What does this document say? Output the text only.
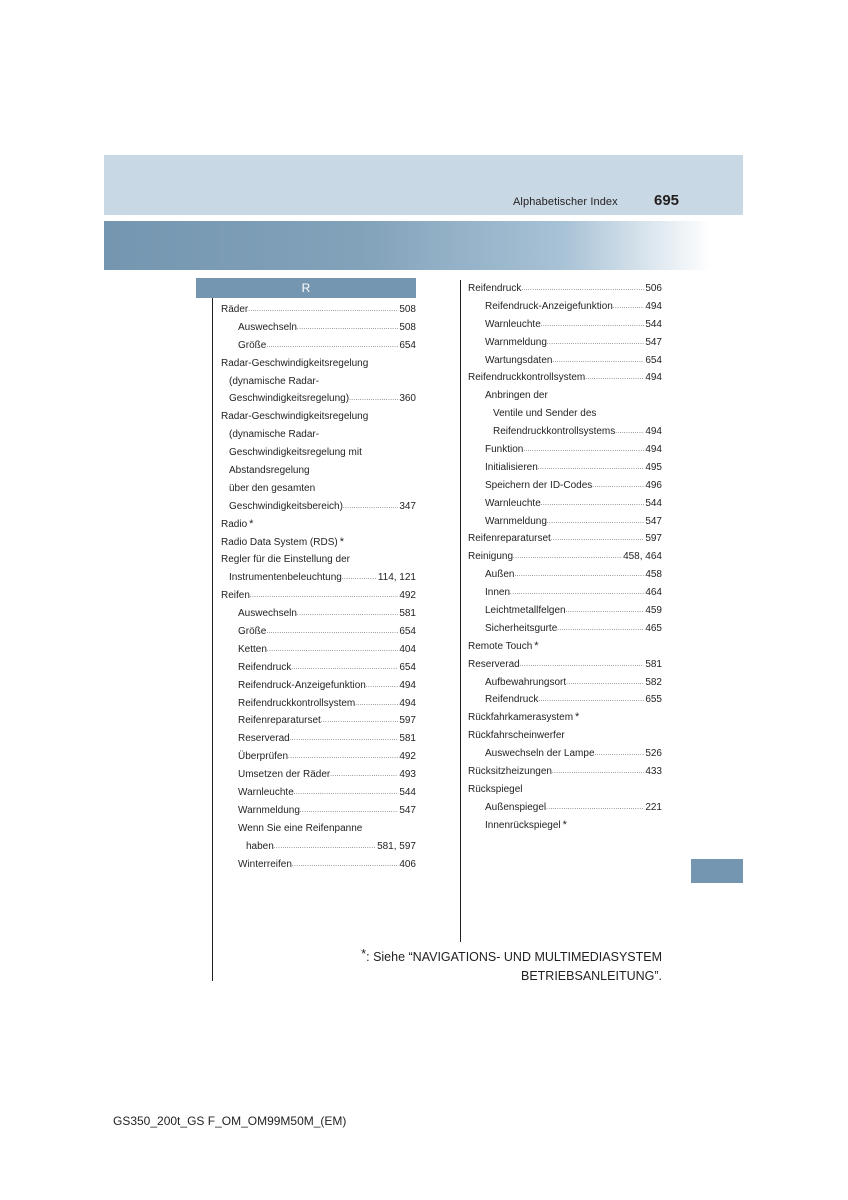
Alphabetischer Index 695
R
Räder .....	508
Auswechseln .....	508
Größe .....	654
Radar-Geschwindigkeitsregelung
(dynamische Radar-
Geschwindigkeitsregelung) .....	360
Radar-Geschwindigkeitsregelung
(dynamische Radar-
Geschwindigkeitsregelung mit
Abstandsregelung
über den gesamten
Geschwindigkeitsbereich) .....	347
Radio *
Radio Data System (RDS) *
Regler für die Einstellung der
Instrumentenbeleuchtung .....	114, 121
Reifen .....	492
Auswechseln .....	581
Größe .....	654
Ketten .....	404
Reifendruck .....	654
Reifendruck-Anzeigefunktion .....	494
Reifendruckkontrollsystem .....	494
Reifenreparaturset .....	597
Reserverad .....	581
Überprüfen .....	492
Umsetzen der Räder .....	493
Warnleuchte .....	544
Warnmeldung .....	547
Wenn Sie eine Reifenpanne
haben .....	581, 597
Winterreifen .....	406
Reifendruck .....	506
Reifendruck-Anzeigefunktion .....	494
Warnleuchte .....	544
Warnmeldung .....	547
Wartungsdaten .....	654
Reifendruckkontrollsystem .....	494
Anbringen der
Ventile und Sender des
Reifendruckkontrollsystems .....	494
Funktion .....	494
Initialisieren .....	495
Speichern der ID-Codes .....	496
Warnleuchte .....	544
Warnmeldung .....	547
Reifenreparaturset .....	597
Reinigung .....	458, 464
Außen .....	458
Innen .....	464
Leichtmetallfelgen .....	459
Sicherheitsgurte .....	465
Remote Touch *
Reserverad .....	581
Aufbewahrungsort .....	582
Reifendruck .....	655
Rückfahrkamerasystem *
Rückfahrscheinwerfer
Auswechseln der Lampe .....	526
Rücksitzheizungen .....	433
Rückspiegel
Außenspiegel .....	221
Innenrückspiegel *
*: Siehe “NAVIGATIONS- UND MULTIMEDIASYSTEM
BETRIEBSANLEITUNG”.
GS350_200t_GS F_OM_OM99M50M_(EM)
